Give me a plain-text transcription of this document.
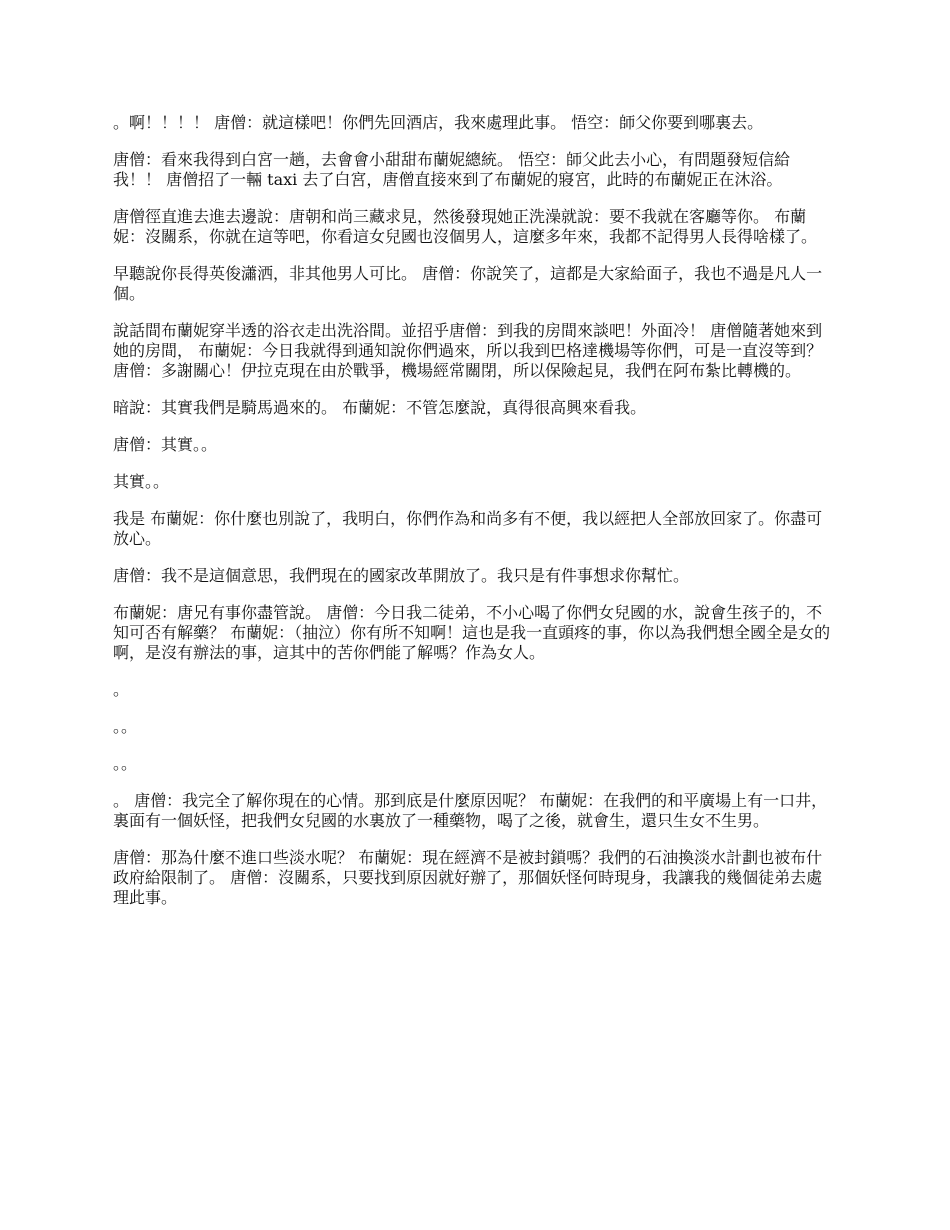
。啊！！！！ 唐僧：就這樣吧！你們先回酒店，我來處理此事。 悟空：師父你要到哪裏去。

唐僧：看來我得到白宮一趟，去會會小甜甜布蘭妮總統。 悟空：師父此去小心，有問題發短信給我！！ 唐僧招了一輛 taxi 去了白宮，唐僧直接來到了布蘭妮的寢宮，此時的布蘭妮正在沐浴。

唐僧徑直進去進去邊說：唐朝和尚三藏求見，然後發現她正洗澡就說：要不我就在客廳等你。 布蘭妮：沒關系，你就在這等吧，你看這女兒國也沒個男人，這麼多年來，我都不記得男人長得啥樣了。

早聽說你長得英俊瀟洒，非其他男人可比。 唐僧：你說笑了，這都是大家給面子，我也不過是凡人一個。

說話間布蘭妮穿半透的浴衣走出洗浴間。並招乎唐僧：到我的房間來談吧！外面冷！ 唐僧隨著她來到她的房間， 布蘭妮：今日我就得到通知說你們過來，所以我到巴格達機場等你們，可是一直沒等到？ 唐僧：多謝關心！伊拉克現在由於戰爭，機場經常關閉，所以保險起見，我們在阿布紮比轉機的。

暗說：其實我們是騎馬過來的。 布蘭妮：不管怎麼說，真得很高興來看我。

唐僧：其實。。

其實。。

我是 布蘭妮：你什麼也別說了，我明白，你們作為和尚多有不便，我以經把人全部放回家了。你盡可放心。

唐僧：我不是這個意思，我們現在的國家改革開放了。我只是有件事想求你幫忙。

布蘭妮：唐兄有事你盡管說。 唐僧：今日我二徒弟，不小心喝了你們女兒國的水，說會生孩子的，不知可否有解藥？ 布蘭妮：（抽泣）你有所不知啊！這也是我一直頭疼的事，你以為我們想全國全是女的啊，是沒有辦法的事，這其中的苦你們能了解嗎？作為女人。

。

。。

。。

。 唐僧：我完全了解你現在的心情。那到底是什麼原因呢？ 布蘭妮：在我們的和平廣場上有一口井，裏面有一個妖怪，把我們女兒國的水裏放了一種藥物，喝了之後，就會生，還只生女不生男。

唐僧：那為什麼不進口些淡水呢？ 布蘭妮：現在經濟不是被封鎖嗎？我們的石油換淡水計劃也被布什政府給限制了。 唐僧：沒關系，只要找到原因就好辦了，那個妖怪何時現身，我讓我的幾個徒弟去處理此事。
